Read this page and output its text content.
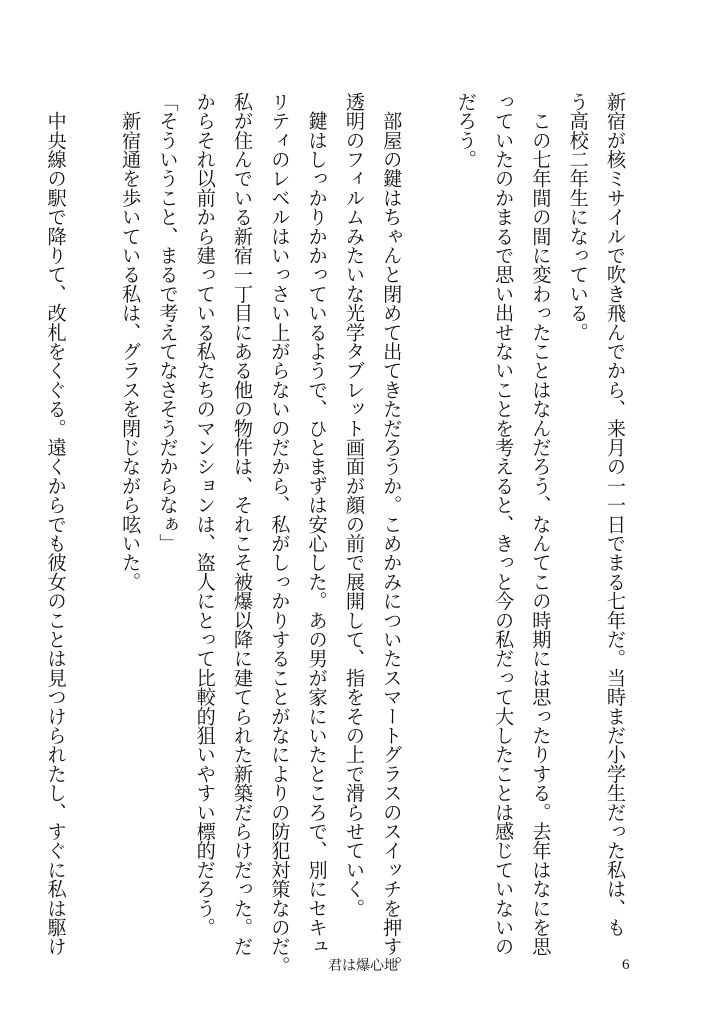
新宿が核ミサイルで吹き飛んでから、来月の一一日でまる七年だ。当時まだ小学生だった私は、も
う高校二年生になっている。
　この七年間の間に変わったことはなんだろう、なんてこの時期には思ったりする。去年はなにを思
っていたのかまるで思い出せないことを考えると、きっと今の私だって大したことは感じていないの
だろう。
　部屋の鍵はちゃんと閉めて出てきただろうか。こめかみについたスマートグラスのスイッチを押す。
透明のフィルムみたいな光学タブレット画面が顔の前で展開して、指をその上で滑らせていく。
　鍵はしっかりかかっているようで、ひとまずは安心した。あの男が家にいたところで、別にセキュ
リティのレベルはいっさい上がらないのだから、私がしっかりすることがなによりの防犯対策なのだ。
私が住んでいる新宿一丁目にある他の物件は、それこそ被爆以降に建てられた新築だらけだった。だ
からそれ以前から建っている私たちのマンションは、盗人にとって比較的狙いやすい標的だろう。
「そういうこと、まるで考えてなさそうだからなぁ」
　新宿通を歩いている私は、グラスを閉じながら呟いた。
　中央線の駅で降りて、改札をくぐる。遠くからでも彼女のことは見つけられたし、すぐに私は駆け
君は爆心地	6
